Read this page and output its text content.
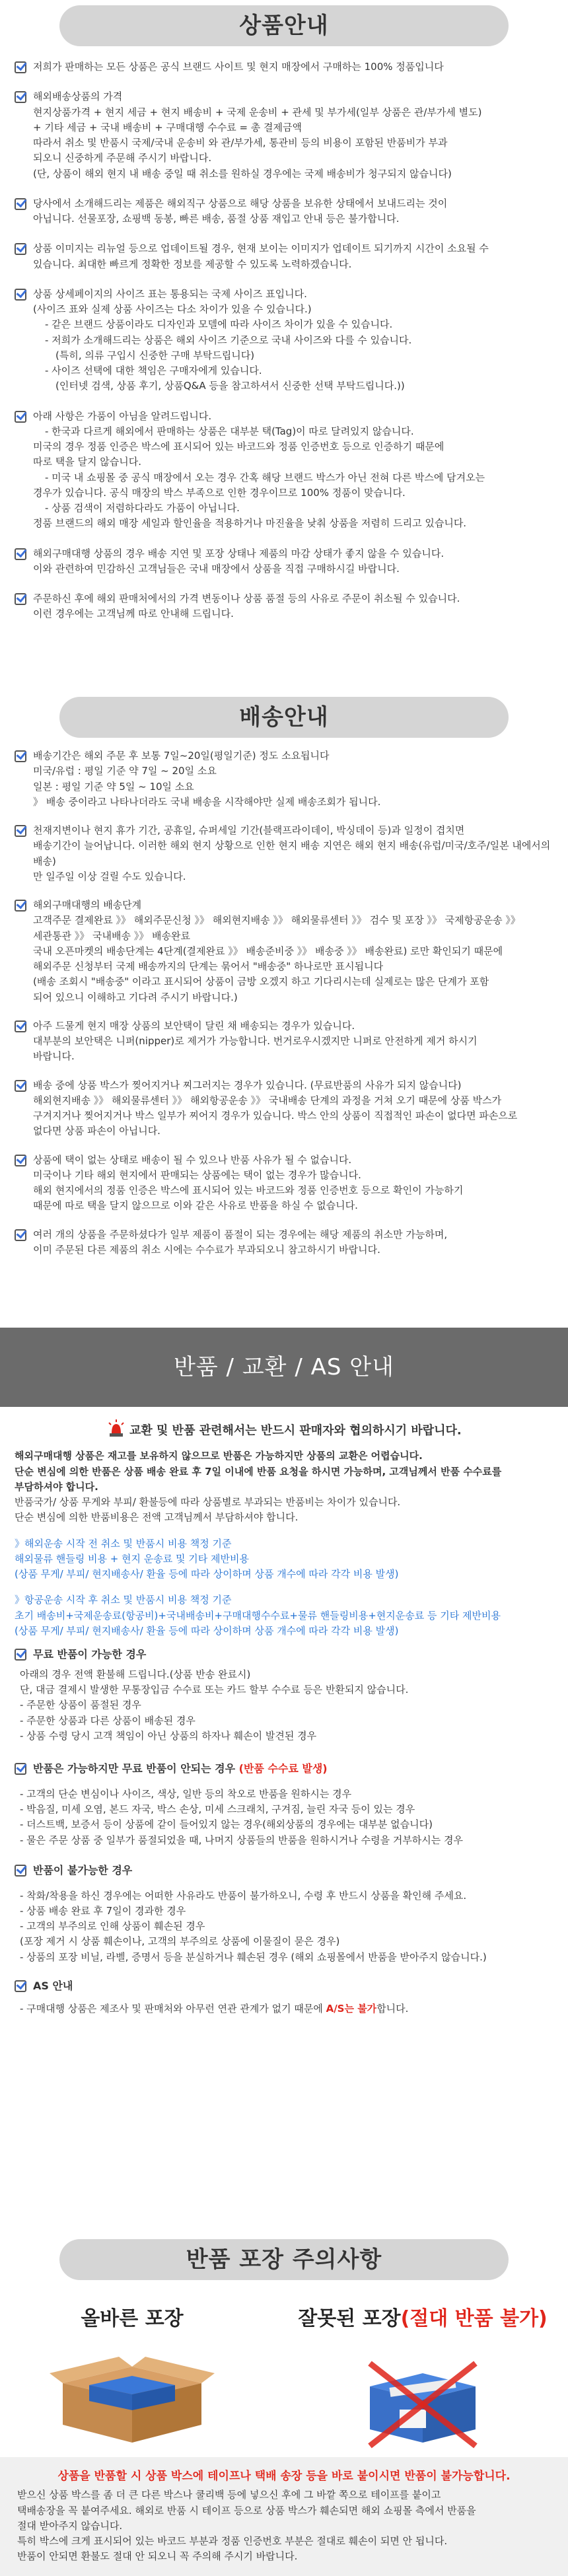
상품안내
저희가 판매하는 모든 상품은 공식 브랜드 사이트 및 현지 매장에서 구매하는 100% 정품입니다
해외배송상품의 가격
현지상품가격 + 현지 세금 + 현지 배송비 + 국제 운송비 + 관세 및 부가세(일부 상품은 관/부가세 별도)
+ 기타 세금 + 국내 배송비 + 구매대행 수수료 = 총 결제금액
따라서 취소 및 반품시 국제/국내 운송비 와 관/부가세, 통관비 등의 비용이 포함된 반품비가 부과
되오니 신중하게 주문해 주시기 바랍니다.
(단, 상품이 해외 현지 내 배송 중일 때 취소를 원하실 경우에는 국제 배송비가 청구되지 않습니다)
당사에서 소개해드리는 제품은 해외직구 상품으로 해당 상품을 보유한 상태에서 보내드리는 것이
아닙니다. 선물포장, 쇼핑백 동봉, 빠른 배송, 품절 상품 재입고 안내 등은 불가합니다.
상품 이미지는 리뉴얼 등으로 업데이트될 경우, 현재 보이는 이미지가 업데이트 되기까지 시간이 소요될 수
있습니다. 최대한 빠르게 정확한 정보를 제공할 수 있도록 노력하겠습니다.
상품 상세페이지의 사이즈 표는 통용되는 국제 사이즈 표입니다.
(사이즈 표와 실제 상품 사이즈는 다소 차이가 있을 수 있습니다.)
- 같은 브랜드 상품이라도 디자인과 모델에 따라 사이즈 차이가 있을 수 있습니다.
- 저희가 소개해드리는 상품은 해외 사이즈 기준으로 국내 사이즈와 다를 수 있습니다.
(특히, 의류 구입시 신중한 구매 부탁드립니다)
- 사이즈 선택에 대한 책임은 구매자에게 있습니다.
(인터넷 검색, 상품 후기, 상품Q&A 등을 참고하셔서 신중한 선택 부탁드립니다.))
아래 사항은 가품이 아님을 알려드립니다.
- 한국과 다르게 해외에서 판매하는 상품은 대부분 택(Tag)이 따로 달려있지 않습니다.
미국의 경우 정품 인증은 박스에 표시되어 있는 바코드와 정품 인증번호 등으로 인증하기 때문에
따로 택을 달지 않습니다.
- 미국 내 쇼핑몰 중 공식 매장에서 오는 경우 간혹 해당 브랜드 박스가 아닌 전혀 다른 박스에 담겨오는
경우가 있습니다. 공식 매장의 박스 부족으로 인한 경우이므로 100% 정품이 맞습니다.
- 상품 검색이 저렴하다라도 가품이 아닙니다.
정품 브랜드의 해외 매장 세일과 할인율을 적용하거나 마진율을 낮춰 상품을 저렴히 드리고 있습니다.
해외구매대행 상품의 경우 배송 지연 및 포장 상태나 제품의 마감 상태가 좋지 않을 수 있습니다.
이와 관련하여 민감하신 고객님들은 국내 매장에서 상품을 직접 구매하시길 바랍니다.
주문하신 후에 해외 판매처에서의 가격 변동이나 상품 품절 등의 사유로 주문이 취소될 수 있습니다.
이런 경우에는 고객님께 따로 안내해 드립니다.
배송안내
배송기간은 해외 주문 후 보통 7일~20일(평일기준) 정도 소요됩니다
미국/유럽 : 평일 기준 약 7일 ~ 20일 소요
일본 : 평일 기준 약 5일 ~ 10일 소요
》 배송 중이라고 나타나더라도 국내 배송을 시작해야만 실제 배송조회가 됩니다.
천재지변이나 현지 휴가 기간, 공휴일, 슈퍼세일 기간(블랙프라이데이, 박싱데이 등)과 일정이 겹치면
배송기간이 늘어납니다. 이러한 해외 현지 상황으로 인한 현지 배송 지연은 해외 현지 배송(유럽/미국/호주/일본 내에서의 배송)
만 일주일 이상 걸릴 수도 있습니다.
해외구매대행의 배송단계
고객주문 결제완료 》》 해외주문신청 》》 해외현지배송 》》 해외물류센터 》》 검수 및 포장 》》 국제항공운송 》》
세관통관 》》 국내배송 》》 배송완료
국내 오픈마켓의 배송단계는 4단계(결제완료 》》 배송준비중 》》 배송중 》》 배송완료) 로만 확인되기 때문에
해외주문 신청부터 국제 배송까지의 단계는 묶어서 "배송중" 하나로만 표시됩니다
(배송 조회시 "배송중" 이라고 표시되어 상품이 금방 오겠지 하고 기다리시는데 실제로는 많은 단계가 포함
되어 있으니 이해하고 기다려 주시기 바랍니다.)
아주 드물게 현지 매장 상품의 보안택이 달린 채 배송되는 경우가 있습니다.
대부분의 보안택은 니퍼(nipper)로 제거가 가능합니다. 번거로우시겠지만 니퍼로 안전하게 제거 하시기
바랍니다.
배송 중에 상품 박스가 찢어지거나 찌그러지는 경우가 있습니다. (무료반품의 사유가 되지 않습니다)
해외현지배송 》》 해외물류센터 》》 해외항공운송 》》 국내배송 단계의 과정을 거쳐 오기 때문에 상품 박스가
구겨지거나 찢어지거나 박스 일부가 찌어지 경우가 있습니다. 박스 안의 상품이 직접적인 파손이 없다면 파손으로
없다면 상품 파손이 아닙니다.
상품에 택이 없는 상태로 배송이 될 수 있으나 반품 사유가 될 수 없습니다.
미국이나 기타 해외 현지에서 판매되는 상품에는 택이 없는 경우가 많습니다.
해외 현지에서의 정품 인증은 박스에 표시되어 있는 바코드와 정품 인증번호 등으로 확인이 가능하기
때문에 따로 택을 달지 않으므로 이와 같은 사유로 반품을 하실 수 없습니다.
여러 개의 상품을 주문하셨다가 일부 제품이 품절이 되는 경우에는 해당 제품의 취소만 가능하며,
이미 주문된 다른 제품의 취소 시에는 수수료가 부과되오니 참고하시기 바랍니다.
반품 / 교환 / AS 안내
교환 및 반품 관련해서는 반드시 판매자와 협의하시기 바랍니다.
해외구매대행 상품은 재고를 보유하지 않으므로 반품은 가능하지만 상품의 교환은 어렵습니다.
단순 변심에 의한 반품은 상품 배송 완료 후 7일 이내에 반품 요청을 하시면 가능하며, 고객님께서 반품 수수료를
부담하셔야 합니다.
반품국가/ 상품 무게와 부피/ 환불등에 따라 상품별로 부과되는 반품비는 차이가 있습니다.
단순 변심에 의한 반품비용은 전액 고객님께서 부담하셔야 합니다.
》해외운송 시작 전 취소 및 반품시 비용 책정 기준
해외물류 핸들링 비용 + 현지 운송료 및 기타 제반비용
(상품 무게/ 부피/ 현지배송사/ 환율 등에 따라 상이하며 상품 개수에 따라 각각 비용 발생)
》항공운송 시작 후 취소 및 반품시 비용 책정 기준
초기 배송비+국제운송료(항공비)+국내배송비+구매대행수수료+물류 핸들링비용+현지운송료 등 기타 제반비용
(상품 무게/ 부피/ 현지배송사/ 환율 등에 따라 상이하며 상품 개수에 따라 각각 비용 발생)
무료 반품이 가능한 경우
아래의 경우 전액 환불해 드립니다.(상품 반송 완료시)
단, 대금 결제시 발생한 무통장입금 수수료 또는 카드 할부 수수료 등은 반환되지 않습니다.
- 주문한 상품이 품절된 경우
- 주문한 상품과 다른 상품이 배송된 경우
- 상품 수령 당시 고객 책임이 아닌 상품의 하자나 훼손이 발견된 경우
반품은 가능하지만 무료 반품이 안되는 경우 (반품 수수료 발생)
- 고객의 단순 변심이나 사이즈, 색상, 일반 등의 착오로 반품을 원하시는 경우
- 박음질, 미세 오염, 본드 자국, 박스 손상, 미세 스크래치, 구겨짐, 늘린 자국 등이 있는 경우
- 더스트백, 보증서 등이 상품에 같이 들어있지 않는 경우(해외상품의 경우에는 대부분 없습니다)
- 물은 주문 상품 중 일부가 품절되었을 때, 나머지 상품들의 반품을 원하시거나 수령을 거부하시는 경우
반품이 불가능한 경우
- 착화/착용을 하신 경우에는 어떠한 사유라도 반품이 불가하오니, 수령 후 반드시 상품을 확인해 주세요.
- 상품 배송 완료 후 7일이 경과한 경우
- 고객의 부주의로 인해 상품이 훼손된 경우
(포장 제거 시 상품 훼손이나, 고객의 부주의로 상품에 이물질이 묻은 경우)
- 상품의 포장 비닐, 라벨, 증명서 등을 분실하거나 훼손된 경우 (해외 쇼핑몰에서 반품을 받아주지 않습니다.)
AS 안내
- 구매대행 상품은 제조사 및 판매처와 아무런 연관 관계가 없기 때문에 A/S는 불가합니다.
반품 포장 주의사항
올바른 포장	잘못된 포장(절대 반품 불가)
상품을 반품할 시 상품 박스에 테이프나 택배 송장 등을 바로 붙이시면 반품이 불가능합니다.
받으신 상품 박스를 좀 더 큰 다른 박스나 쿨리백 등에 넣으신 후에 그 바깥 쪽으로 테이프를 붙이고
택배송장을 꼭 붙여주세요. 해외로 반품 시 테이프 등으로 상품 박스가 훼손되면 해외 쇼핑몰 측에서 반품을
절대 받아주지 않습니다.
특히 박스에 크게 표시되어 있는 바코드 부분과 정품 인증번호 부분은 절대로 훼손이 되면 안 됩니다.
반품이 안되면 환불도 절대 안 되오니 꼭 주의해 주시기 바랍니다.
